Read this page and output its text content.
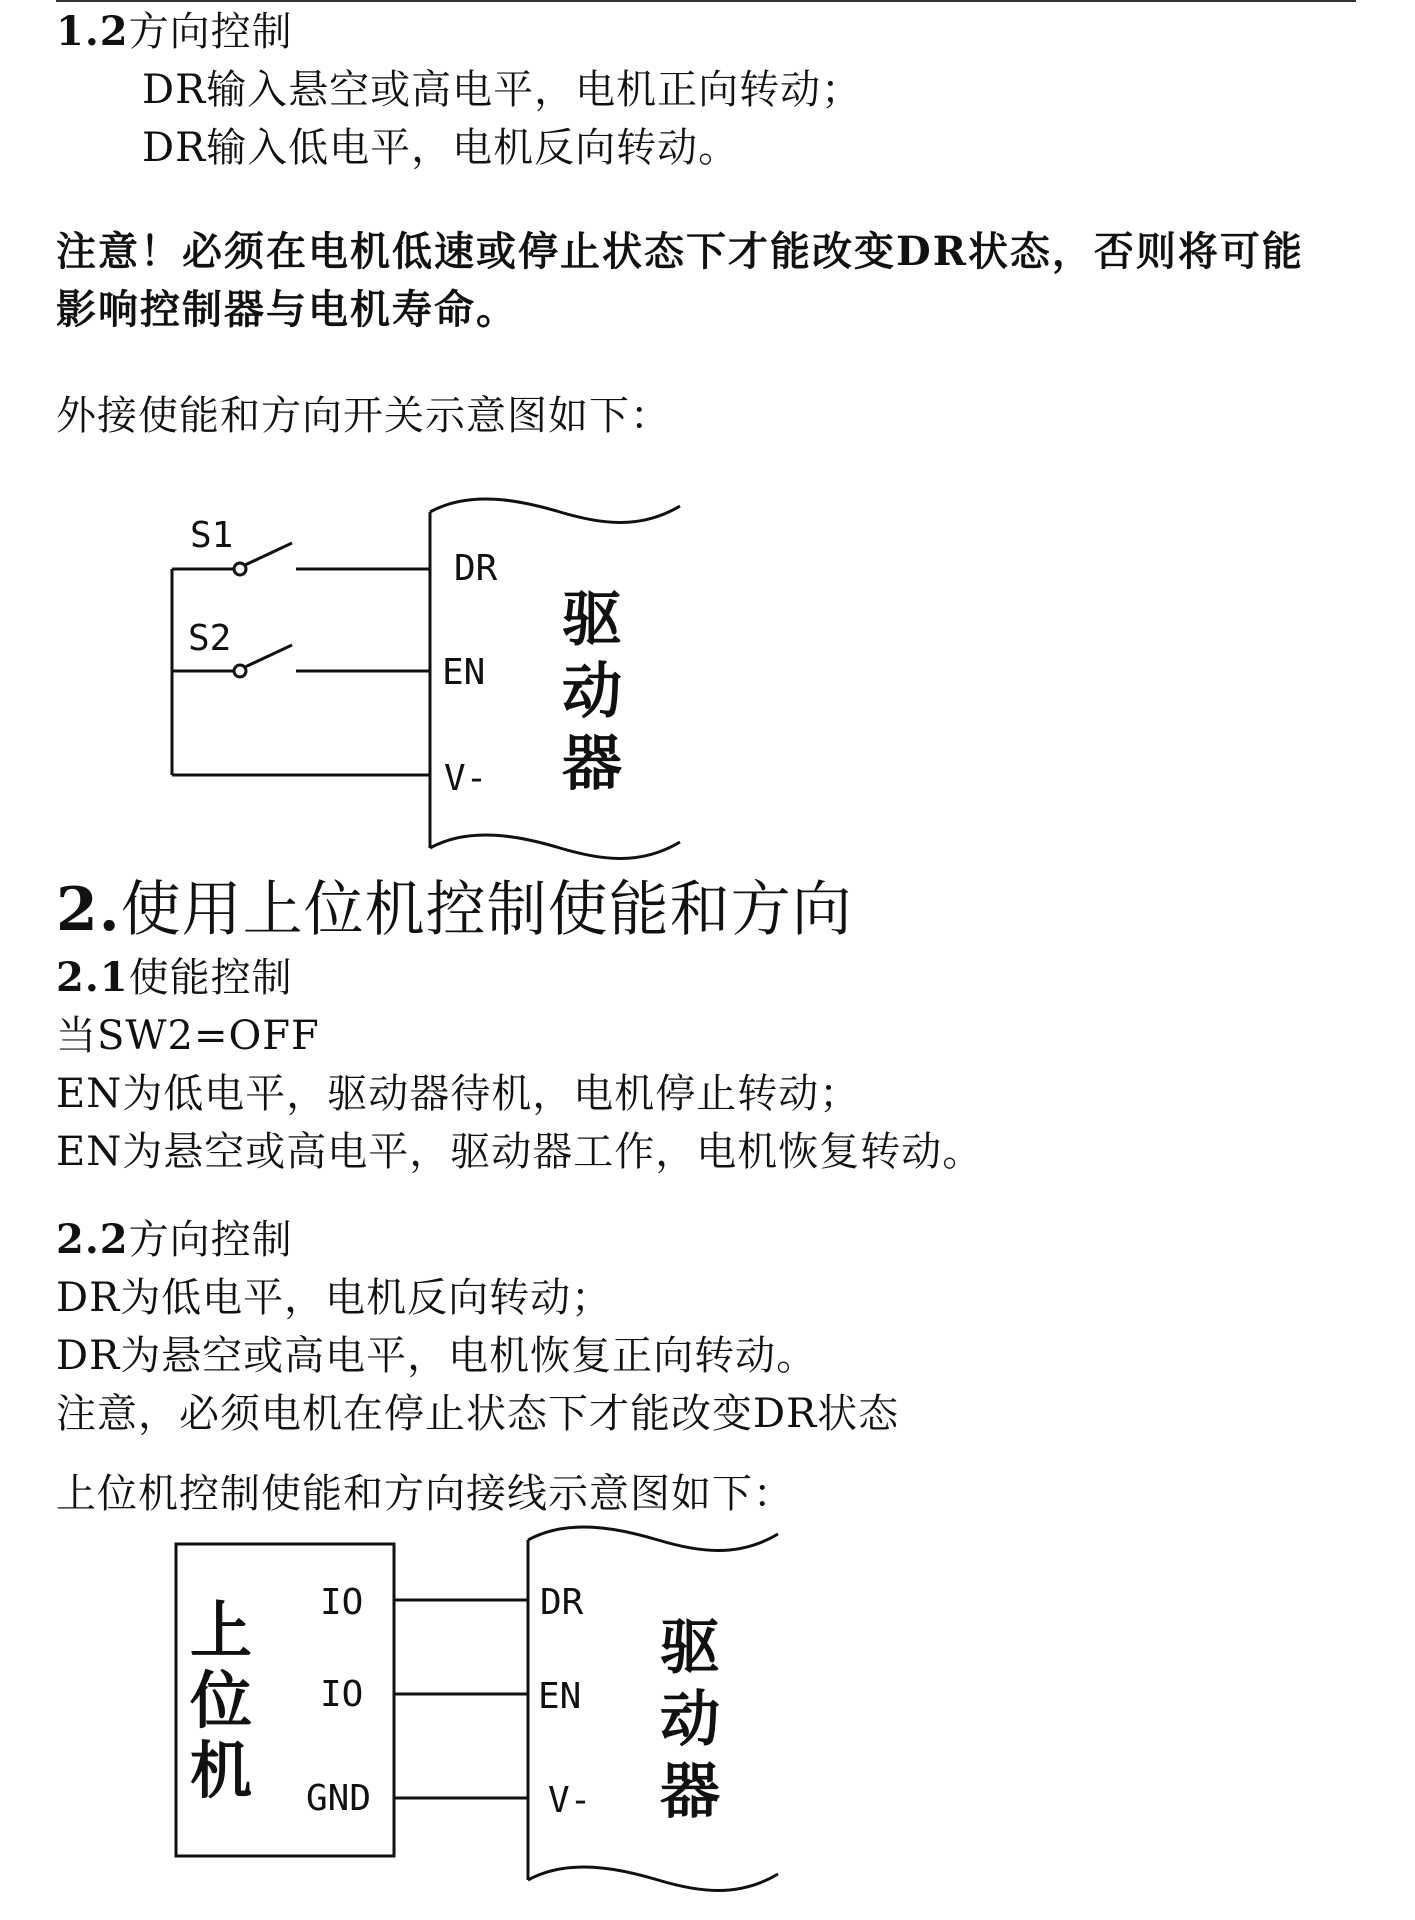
1.2方向控制
DR输入悬空或高电平，电机正向转动；
DR输入低电平，电机反向转动。
注意！必须在电机低速或停止状态下才能改变DR状态，否则将可能
影响控制器与电机寿命。
外接使能和方向开关示意图如下：
S1
S2
DR
EN
V-
驱
动
器
2.使用上位机控制使能和方向
2.1使能控制
当SW2=OFF
EN为低电平，驱动器待机，电机停止转动；
EN为悬空或高电平，驱动器工作，电机恢复转动。
2.2方向控制
DR为低电平，电机反向转动；
DR为悬空或高电平，电机恢复正向转动。
注意，必须电机在停止状态下才能改变DR状态
上位机控制使能和方向接线示意图如下：
上
位
机
IO
IO
GND
DR
EN
V-
驱
动
器
